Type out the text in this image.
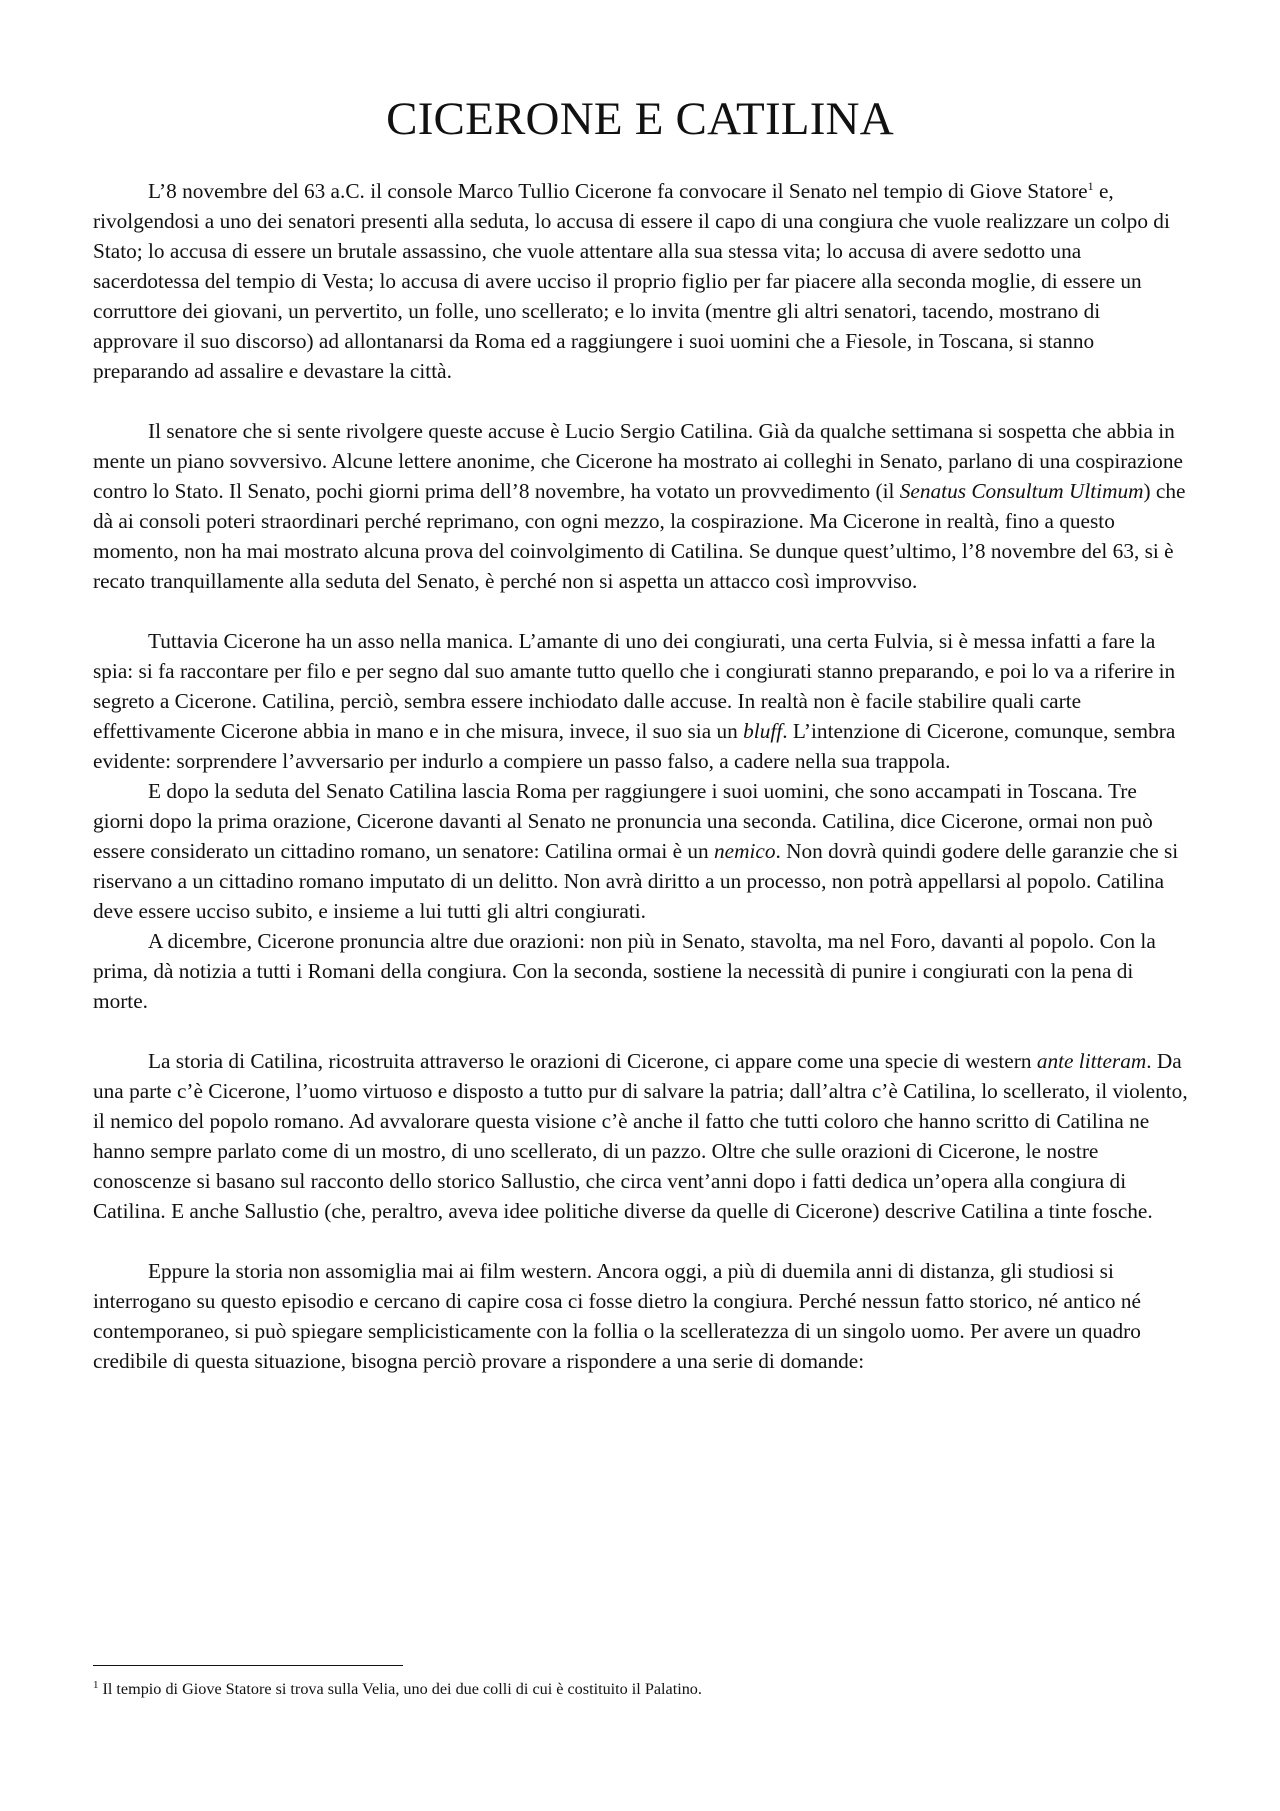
CICERONE E CATILINA

L’8 novembre del 63 a.C. il console Marco Tullio Cicerone fa convocare il Senato nel tempio di Giove Statore$^1$ e, rivolgendosi a uno dei senatori presenti alla seduta, lo accusa di essere il capo di una congiura che vuole realizzare un colpo di Stato; lo accusa di essere un brutale assassino, che vuole attentare alla sua stessa vita; lo accusa di avere sedotto una sacerdotessa del tempio di Vesta; lo accusa di avere ucciso il proprio figlio per far piacere alla seconda moglie, di essere un corruttore dei giovani, un pervertito, un folle, uno scellerato; e lo invita (mentre gli altri senatori, tacendo, mostrano di approvare il suo discorso) ad allontanarsi da Roma ed a raggiungere i suoi uomini che a Fiesole, in Toscana, si stanno preparando ad assalire e devastare la città.

Il senatore che si sente rivolgere queste accuse è Lucio Sergio Catilina. Già da qualche settimana si sospetta che abbia in mente un piano sovversivo. Alcune lettere anonime, che Cicerone ha mostrato ai colleghi in Senato, parlano di una cospirazione contro lo Stato. Il Senato, pochi giorni prima dell’8 novembre, ha votato un provvedimento (il Senatus Consultum Ultimum) che dà ai consoli poteri straordinari perché reprimano, con ogni mezzo, la cospirazione. Ma Cicerone in realtà, fino a questo momento, non ha mai mostrato alcuna prova del coinvolgimento di Catilina. Se dunque quest’ultimo, l’8 novembre del 63, si è recato tranquillamente alla seduta del Senato, è perché non si aspetta un attacco così improvviso.

Tuttavia Cicerone ha un asso nella manica. L’amante di uno dei congiurati, una certa Fulvia, si è messa infatti a fare la spia: si fa raccontare per filo e per segno dal suo amante tutto quello che i congiurati stanno preparando, e poi lo va a riferire in segreto a Cicerone. Catilina, perciò, sembra essere inchiodato dalle accuse. In realtà non è facile stabilire quali carte effettivamente Cicerone abbia in mano e in che misura, invece, il suo sia un bluff. L’intenzione di Cicerone, comunque, sembra evidente: sorprendere l’avversario per indurlo a compiere un passo falso, a cadere nella sua trappola.

E dopo la seduta del Senato Catilina lascia Roma per raggiungere i suoi uomini, che sono accampati in Toscana. Tre giorni dopo la prima orazione, Cicerone davanti al Senato ne pronuncia una seconda. Catilina, dice Cicerone, ormai non può essere considerato un cittadino romano, un senatore: Catilina ormai è un nemico. Non dovrà quindi godere delle garanzie che si riservano a un cittadino romano imputato di un delitto. Non avrà diritto a un processo, non potrà appellarsi al popolo. Catilina deve essere ucciso subito, e insieme a lui tutti gli altri congiurati.

A dicembre, Cicerone pronuncia altre due orazioni: non più in Senato, stavolta, ma nel Foro, davanti al popolo. Con la prima, dà notizia a tutti i Romani della congiura. Con la seconda, sostiene la necessità di punire i congiurati con la pena di morte.

La storia di Catilina, ricostruita attraverso le orazioni di Cicerone, ci appare come una specie di western ante litteram. Da una parte c’è Cicerone, l’uomo virtuoso e disposto a tutto pur di salvare la patria; dall’altra c’è Catilina, lo scellerato, il violento, il nemico del popolo romano. Ad avvalorare questa visione c’è anche il fatto che tutti coloro che hanno scritto di Catilina ne hanno sempre parlato come di un mostro, di uno scellerato, di un pazzo. Oltre che sulle orazioni di Cicerone, le nostre conoscenze si basano sul racconto dello storico Sallustio, che circa vent’anni dopo i fatti dedica un’opera alla congiura di Catilina. E anche Sallustio (che, peraltro, aveva idee politiche diverse da quelle di Cicerone) descrive Catilina a tinte fosche.

Eppure la storia non assomiglia mai ai film western. Ancora oggi, a più di duemila anni di distanza, gli studiosi si interrogano su questo episodio e cercano di capire cosa ci fosse dietro la congiura. Perché nessun fatto storico, né antico né contemporaneo, si può spiegare semplicisticamente con la follia o la scelleratezza di un singolo uomo. Per avere un quadro credibile di questa situazione, bisogna perciò provare a rispondere a una serie di domande:

$^1$ Il tempio di Giove Statore si trova sulla Velia, uno dei due colli di cui è costituito il Palatino.
